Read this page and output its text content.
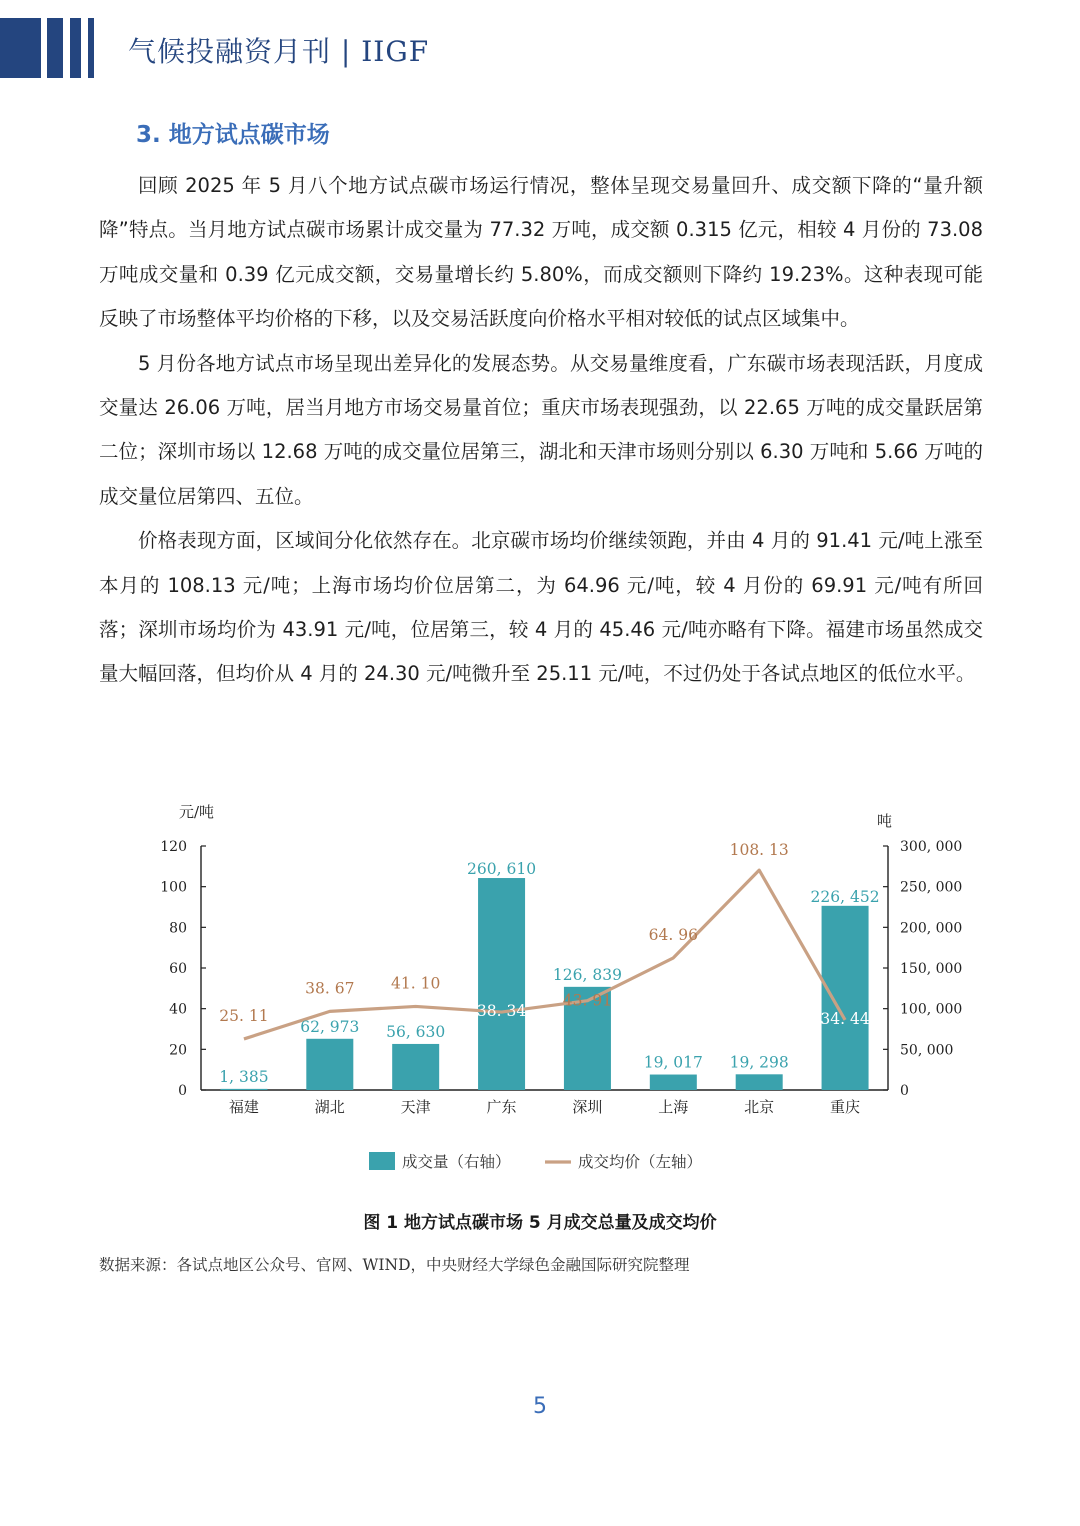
气候投融资月刊 | IIGF
3. 地方试点碳市场

回顾 2025 年 5 月八个地方试点碳市场运行情况，整体呈现交易量回升、成交额下降的“量升额降”特点。当月地方试点碳市场累计成交量为 77.32 万吨，成交额 0.315 亿元，相较 4 月份的 73.08 万吨成交量和 0.39 亿元成交额，交易量增长约 5.80%，而成交额则下降约 19.23%。这种表现可能反映了市场整体平均价格的下移，以及交易活跃度向价格水平相对较低的试点区域集中。

5 月份各地方试点市场呈现出差异化的发展态势。从交易量维度看，广东碳市场表现活跃，月度成交量达 26.06 万吨，居当月地方市场交易量首位；重庆市场表现强劲，以 22.65 万吨的成交量跃居第二位；深圳市场以 12.68 万吨的成交量位居第三，湖北和天津市场则分别以 6.30 万吨和 5.66 万吨的成交量位居第四、五位。

价格表现方面，区域间分化依然存在。北京碳市场均价继续领跑，并由 4 月的 91.41 元/吨上涨至本月的 108.13 元/吨；上海市场均价位居第二，为 64.96 元/吨，较 4 月份的 69.91 元/吨有所回落；深圳市场均价为 43.91 元/吨，位居第三，较 4 月的 45.46 元/吨亦略有下降。福建市场虽然成交量大幅回落，但均价从 4 月的 24.30 元/吨微升至 25.11 元/吨，不过仍处于各试点地区的低位水平。

0
20
40
60
80
100
120
0
50, 000
100, 000
150, 000
200, 000
250, 000
300, 000
元/吨	吨
福建	湖北	天津	广东	深圳	上海	北京	重庆
1, 385
62, 973 56, 630
260, 610
126, 839
19, 017 19, 298
226, 452
25. 11
38. 67 41. 10
38. 34
43. 91
64. 96
108. 13
34. 44
成交量（右轴）	成交均价（左轴）
图 1 地方试点碳市场 5 月成交总量及成交均价
数据来源：各试点地区公众号、官网、WIND，中央财经大学绿色金融国际研究院整理
5
